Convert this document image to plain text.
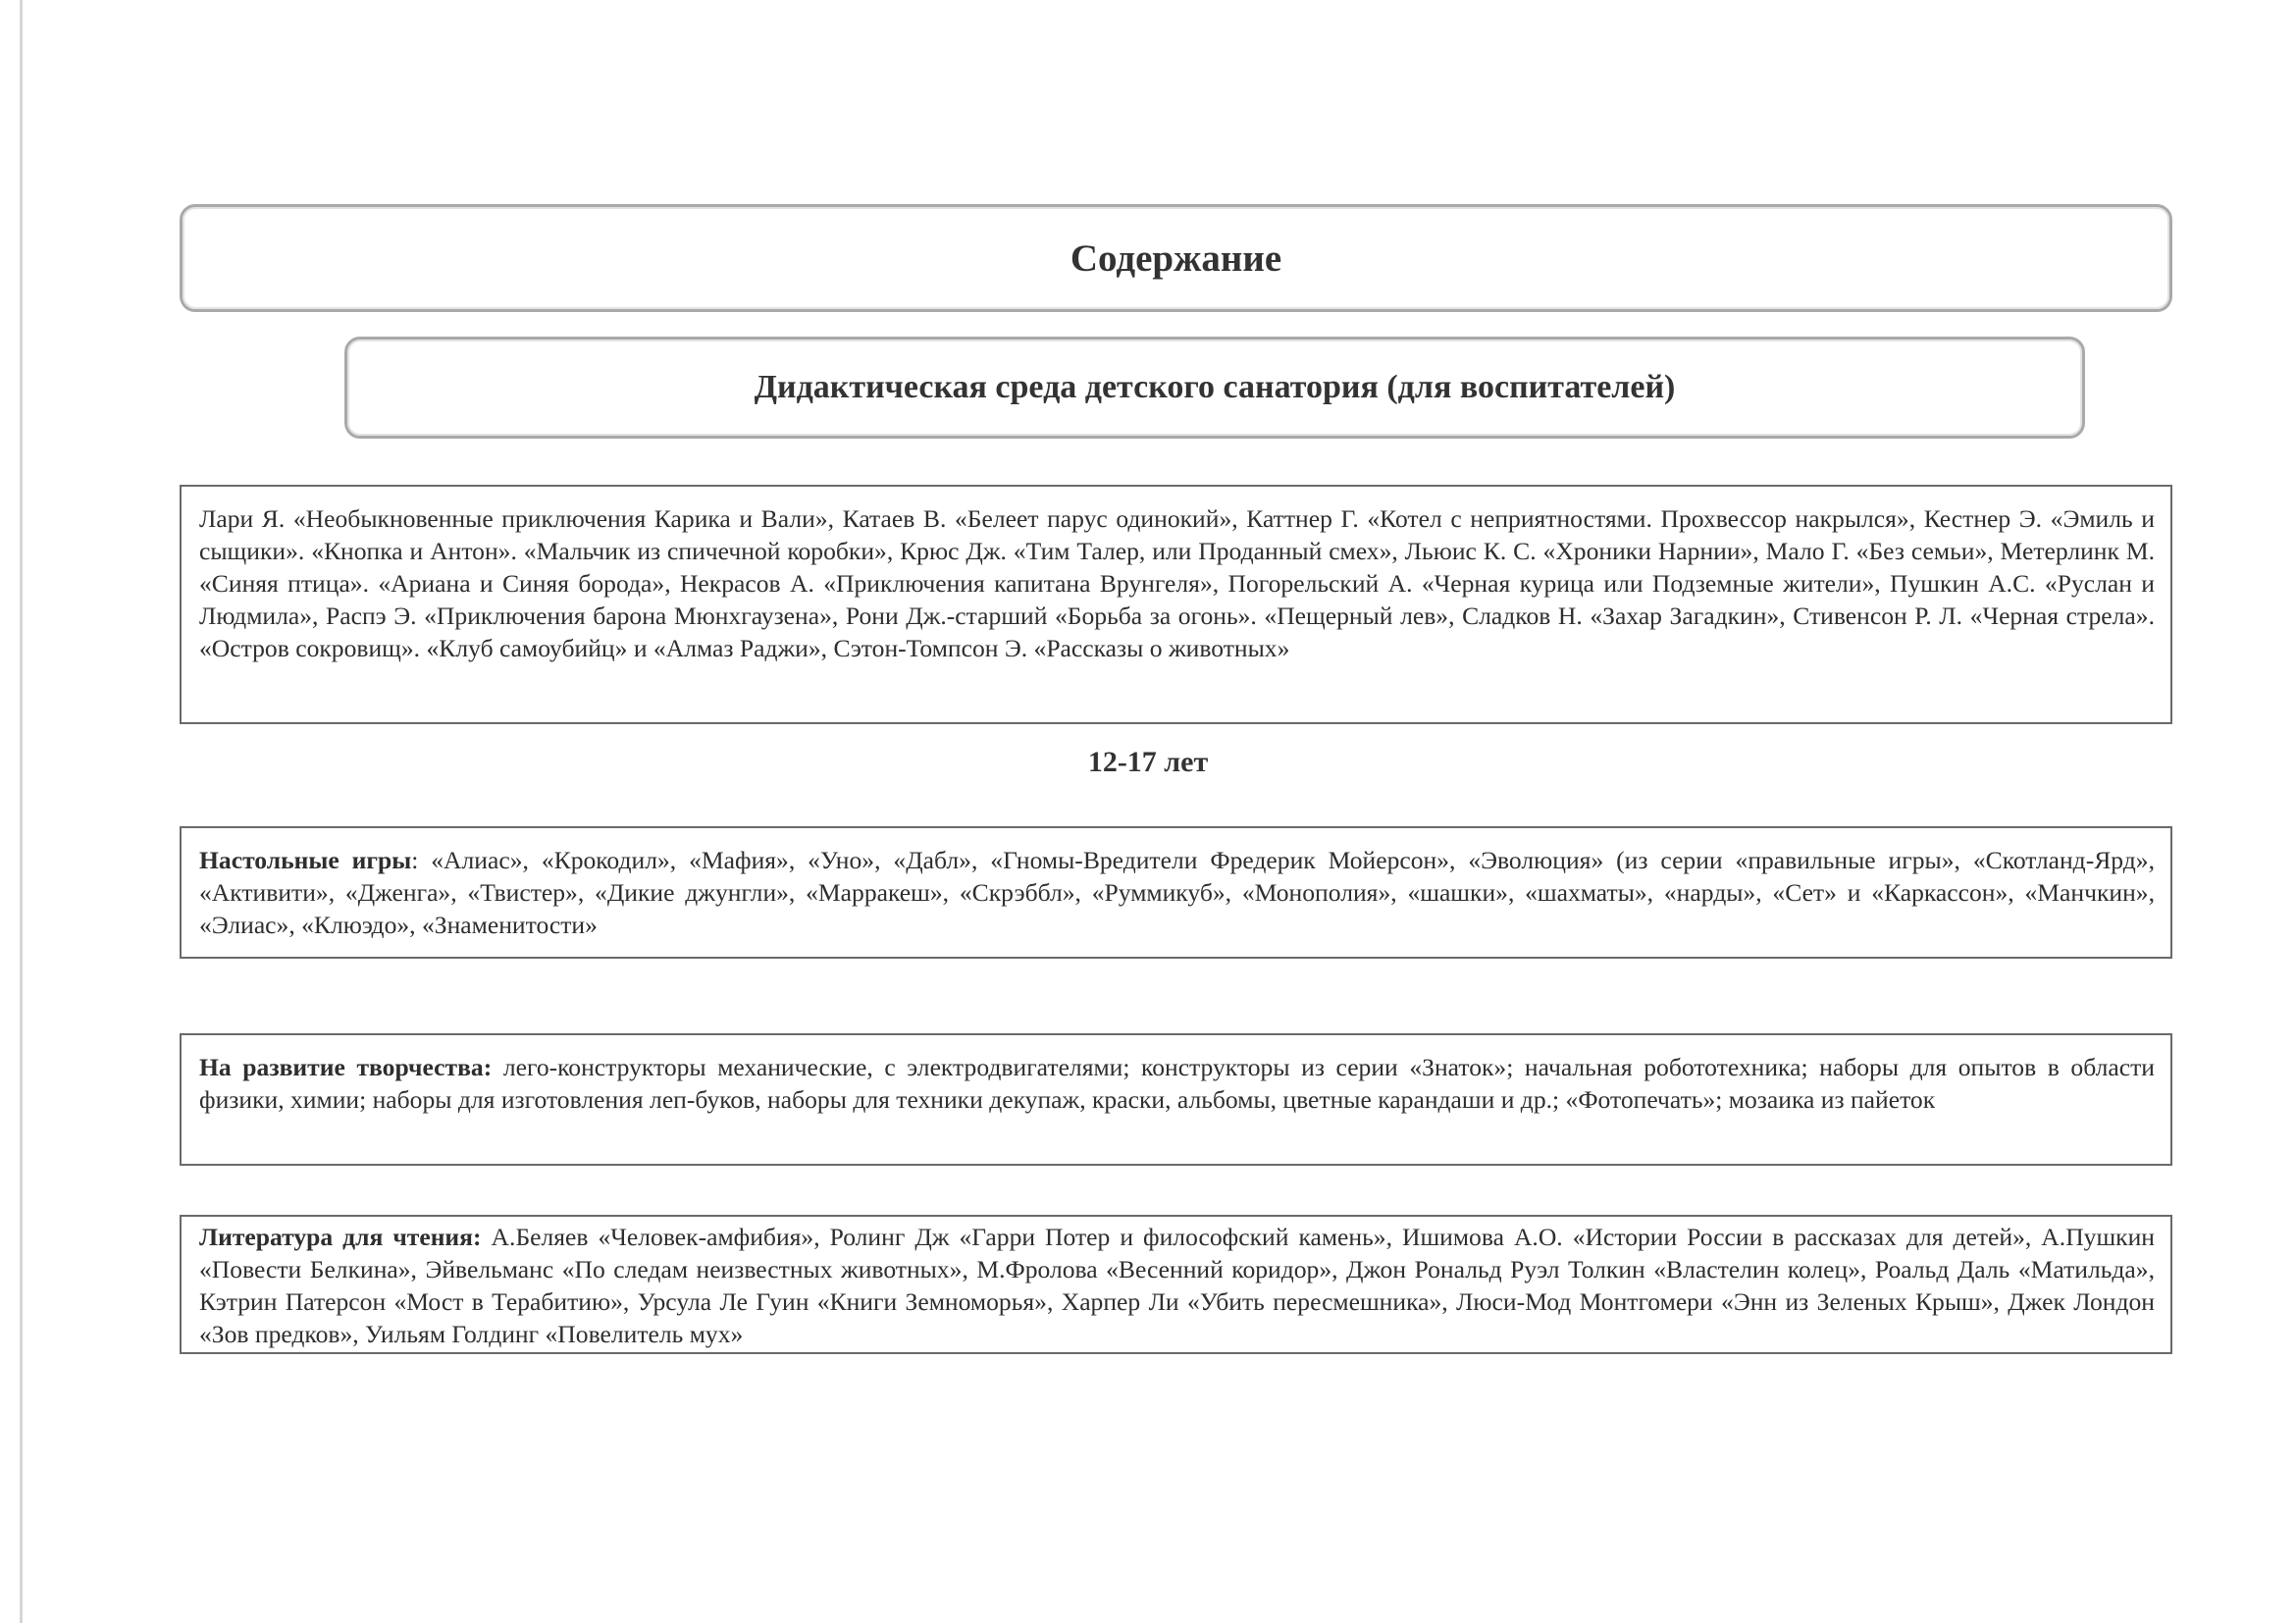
Содержание
Дидактическая среда детского санатория (для воспитателей)
Лари Я. «Необыкновенные приключения Карика и Вали», Катаев В. «Белеет парус одинокий», Каттнер Г. «Котел с неприятностями. Прохвессор накрылся», Кестнер Э. «Эмиль и сыщики». «Кнопка и Антон». «Мальчик из спичечной коробки», Крюс Дж. «Тим Талер, или Проданный смех», Льюис К. С. «Хроники Нарнии», Мало Г. «Без семьи», Метерлинк М. «Синяя птица». «Ариана и Синяя борода», Некрасов А. «Приключения капитана Врунгеля», Погорельский А. «Черная курица или Подземные жители», Пушкин А.С. «Руслан и Людмила», Распэ Э. «Приключения барона Мюнхгаузена», Рони Дж.-старший «Борьба за огонь». «Пещерный лев», Сладков Н. «Захар Загадкин», Стивенсон Р. Л. «Черная стрела». «Остров сокровищ». «Клуб самоубийц» и «Алмаз Раджи», Сэтон-Томпсон Э. «Рассказы о животных»
12-17 лет
Настольные игры: «Алиас», «Крокодил», «Мафия», «Уно», «Дабл», «Гномы-Вредители Фредерик Мойерсон», «Эволюция» (из серии «правильные игры», «Скотланд-Ярд», «Активити», «Дженга», «Твистер», «Дикие джунгли», «Марракеш», «Скрэббл», «Руммикуб», «Монополия», «шашки», «шахматы», «нарды», «Сет» и «Каркассон», «Манчкин», «Элиас», «Клюэдо», «Знаменитости»
На развитие творчества: лего-конструкторы механические, с электродвигателями; конструкторы из серии «Знаток»; начальная робототехника; наборы для опытов в области физики, химии; наборы для изготовления леп-буков, наборы для техники декупаж, краски, альбомы, цветные карандаши и др.; «Фотопечать»; мозаика из пайеток
Литература для чтения: А.Беляев «Человек-амфибия», Ролинг Дж «Гарри Потер и философский камень», Ишимова А.О. «Истории России в рассказах для детей», А.Пушкин «Повести Белкина», Эйвельманс «По следам неизвестных животных», М.Фролова «Весенний коридор», Джон Рональд Руэл Толкин «Властелин колец», Роальд Даль «Матильда», Кэтрин Патерсон «Мост в Терабитию», Урсула Ле Гуин «Книги Земноморья», Харпер Ли «Убить пересмешника», Люси-Мод Монтгомери «Энн из Зеленых Крыш», Джек Лондон «Зов предков», Уильям Голдинг «Повелитель мух»
